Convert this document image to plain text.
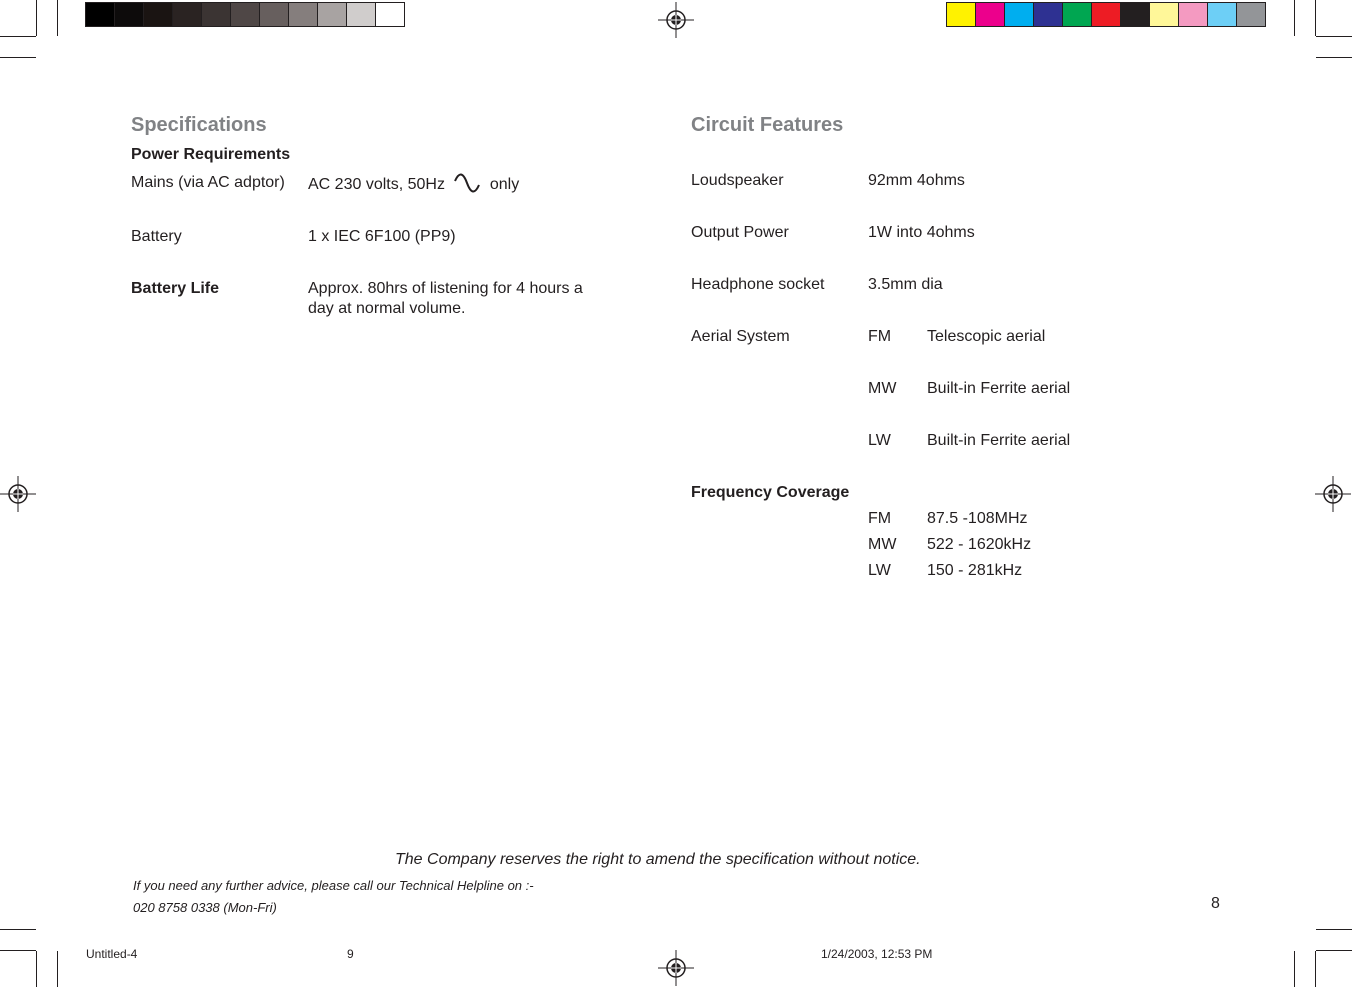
Specifications
Power Requirements
Mains (via AC adptor) AC 230 volts, 50Hz	only
Battery	1 x IEC 6F100 (PP9)
Battery Life	Approx. 80hrs of listening for 4 hours a
day at normal volume.
Circuit Features
Loudspeaker	92mm 4ohms
Output Power	1W into 4ohms
Headphone socket	3.5mm dia
Aerial System	FM Telescopic aerial
MW Built-in Ferrite aerial
LW Built-in Ferrite aerial
Frequency Coverage
FM 87.5 -108MHz
MW 522 - 1620kHz
LW 150 - 281kHz
The Company reserves the right to amend the specification without notice.
If you need any further advice, please call our Technical Helpline on :-
020 8758 0338 (Mon-Fri)	8
Untitled-4	9	1/24/2003, 12:53 PM
